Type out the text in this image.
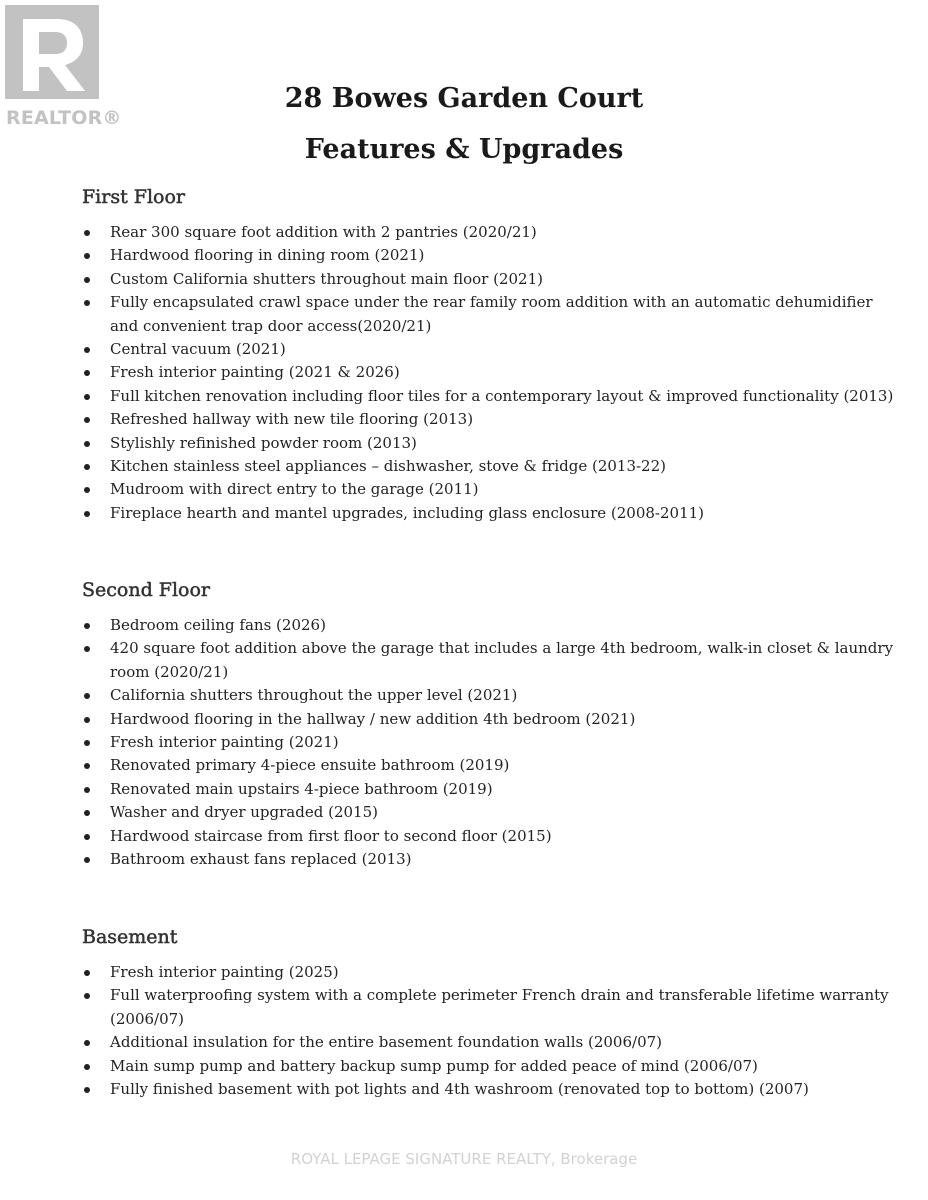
REALTOR®
28 Bowes Garden Court
Features & Upgrades
First Floor
Rear 300 square foot addition with 2 pantries (2020/21)
Hardwood flooring in dining room (2021)
Custom California shutters throughout main floor (2021)
Fully encapsulated crawl space under the rear family room addition with an automatic dehumidifier
and convenient trap door access(2020/21)
Central vacuum (2021)
Fresh interior painting (2021 & 2026)
Full kitchen renovation including floor tiles for a contemporary layout & improved functionality (2013)
Refreshed hallway with new tile flooring (2013)
Stylishly refinished powder room (2013)
Kitchen stainless steel appliances – dishwasher, stove & fridge (2013-22)
Mudroom with direct entry to the garage (2011)
Fireplace hearth and mantel upgrades, including glass enclosure (2008-2011)
Second Floor
Bedroom ceiling fans (2026)
420 square foot addition above the garage that includes a large 4th bedroom, walk-in closet & laundry
room (2020/21)
California shutters throughout the upper level (2021)
Hardwood flooring in the hallway / new addition 4th bedroom (2021)
Fresh interior painting (2021)
Renovated primary 4-piece ensuite bathroom (2019)
Renovated main upstairs 4-piece bathroom (2019)
Washer and dryer upgraded (2015)
Hardwood staircase from first floor to second floor (2015)
Bathroom exhaust fans replaced (2013)
Basement
Fresh interior painting (2025)
Full waterproofing system with a complete perimeter French drain and transferable lifetime warranty
(2006/07)
Additional insulation for the entire basement foundation walls (2006/07)
Main sump pump and battery backup sump pump for added peace of mind (2006/07)
Fully finished basement with pot lights and 4th washroom (renovated top to bottom) (2007)
ROYAL LEPAGE SIGNATURE REALTY, Brokerage
